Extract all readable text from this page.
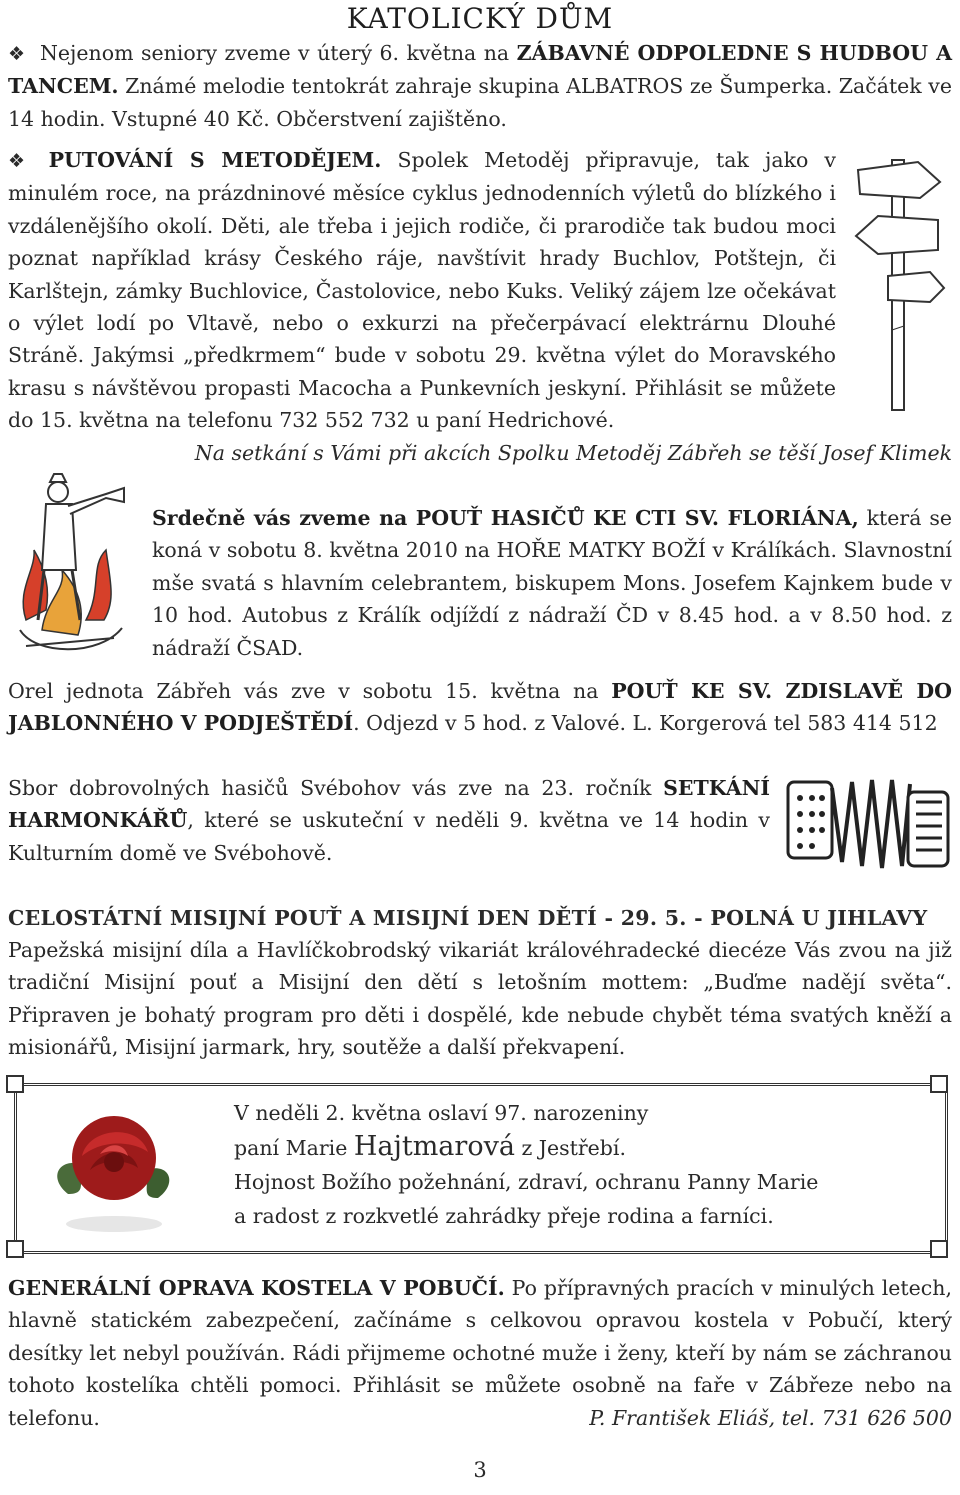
KATOLICKÝ DŮM
❖ Nejenom seniory zveme v úterý 6. května na ZÁBAVNÉ ODPOLEDNE S HUDBOU A TANCEM. Známé melodie tentokrát zahraje skupina ALBATROS ze Šumperka. Začátek ve 14 hodin. Vstupné 40 Kč. Občerstvení zajištěno.
❖ PUTOVÁNÍ S METODĚJEM. Spolek Metoděj připravuje, tak jako v minulém roce, na prázdninové měsíce cyklus jednodenních výletů do blízkého i vzdálenějšího okolí. Děti, ale třeba i jejich rodiče, či prarodiče tak budou moci poznat například krásy Českého ráje, navštívit hrady Buchlov, Potštejn, či Karlštejn, zámky Buchlovice, Častolovice, nebo Kuks. Veliký zájem lze očekávat o výlet lodí po Vltavě, nebo o exkurzi na přečerpávací elektrárnu Dlouhé Stráně. Jakýmsi „předkrmem“ bude v sobotu 29. května výlet do Moravského krasu s návštěvou propasti Macocha a Punkevních jeskyní. Přihlásit se můžete do 15. května na telefonu 732 552 732 u paní Hedrichové.
Na setkání s Vámi při akcích Spolku Metoděj Zábřeh se těší Josef Klimek
Srdečně vás zveme na POUŤ HASIČŮ KE CTI SV. FLORIÁNA, která se koná v sobotu 8. května 2010 na HOŘE MATKY BOŽÍ v Králíkách. Slavnostní mše svatá s hlavním celebrantem, biskupem Mons. Josefem Kajnkem bude v 10 hod. Autobus z Králík odjíždí z nádraží ČD v 8.45 hod. a v 8.50 hod. z nádraží ČSAD.
Orel jednota Zábřeh vás zve v sobotu 15. května na POUŤ KE SV. ZDISLAVĚ DO JABLONNÉHO V PODJEŠTĚDÍ. Odjezd v 5 hod. z Valové. L. Korgerová tel 583 414 512
Sbor dobrovolných hasičů Svébohov vás zve na 23. ročník SETKÁNÍ HARMONKÁŘŮ, které se uskuteční v neděli 9. května ve 14 hodin v Kulturním domě ve Svébohově.
CELOSTÁTNÍ MISIJNÍ POUŤ A MISIJNÍ DEN DĚTÍ - 29. 5. - POLNÁ U JIHLAVY
Papežská misijní díla a Havlíčkobrodský vikariát královéhradecké diecéze Vás zvou na již tradiční Misijní pouť a Misijní den dětí s letošním mottem: „Buďme nadějí světa“. Připraven je bohatý program pro děti i dospělé, kde nebude chybět téma svatých kněží a misionářů, Misijní jarmark, hry, soutěže a další překvapení.
V neděli 2. května oslaví 97. narozeniny
paní Marie Hajtmarová z Jestřebí.
Hojnost Božího požehnání, zdraví, ochranu Panny Marie
a radost z rozkvetlé zahrádky přeje rodina a farníci.
GENERÁLNÍ OPRAVA KOSTELA V POBUČÍ. Po přípravných pracích v minulých letech, hlavně statickém zabezpečení, začínáme s celkovou opravou kostela v Pobučí, který desítky let nebyl používán. Rádi přijmeme ochotné muže i ženy, kteří by nám se záchranou tohoto kostelíka chtěli pomoci. Přihlásit se můžete osobně na faře v Zábřeze nebo na telefonu.	P. František Eliáš, tel. 731 626 500
3
